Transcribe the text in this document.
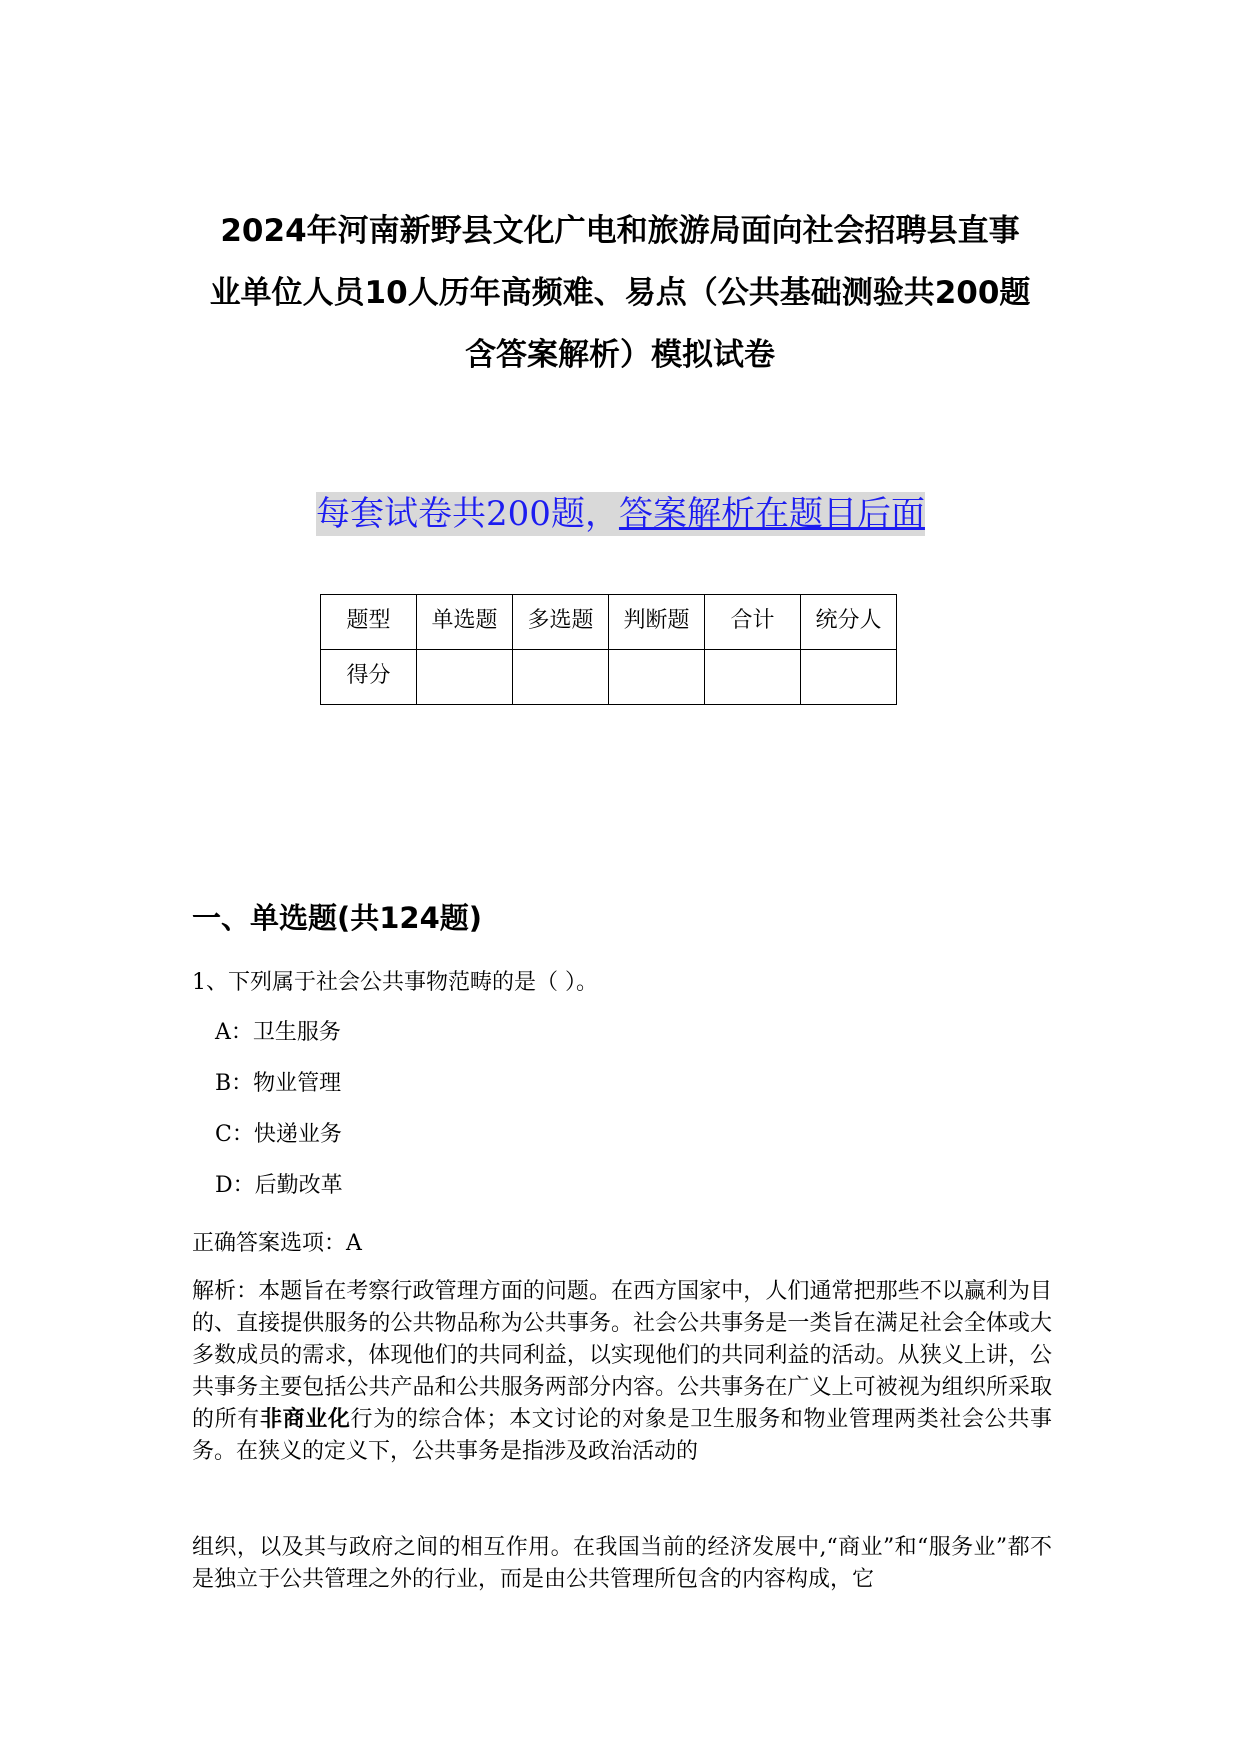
2024年河南新野县文化广电和旅游局面向社会招聘县直事
业单位人员10人历年高频难、易点（公共基础测验共200题
含答案解析）模拟试卷
每套试卷共200题，答案解析在题目后面
题型	单选题	多选题	判断题	合计	统分人
得分					
一、单选题(共124题)
1、下列属于社会公共事物范畴的是（ ）。
A：卫生服务
B：物业管理
C：快递业务
D：后勤改革
正确答案选项：A
解析：本题旨在考察行政管理方面的问题。在西方国家中，人们通常把那些不以赢利为目的、直接提供服务的公共物品称为公共事务。社会公共事务是一类旨在满足社会全体或大多数成员的需求，体现他们的共同利益，以实现他们的共同利益的活动。从狭义上讲，公共事务主要包括公共产品和公共服务两部分内容。公共事务在广义上可被视为组织所采取的所有非商业化行为的综合体；本文讨论的对象是卫生服务和物业管理两类社会公共事务。在狭义的定义下，公共事务是指涉及政治活动的
组织，以及其与政府之间的相互作用。在我国当前的经济发展中,“商业”和“服务业”都不是独立于公共管理之外的行业，而是由公共管理所包含的内容构成，它
